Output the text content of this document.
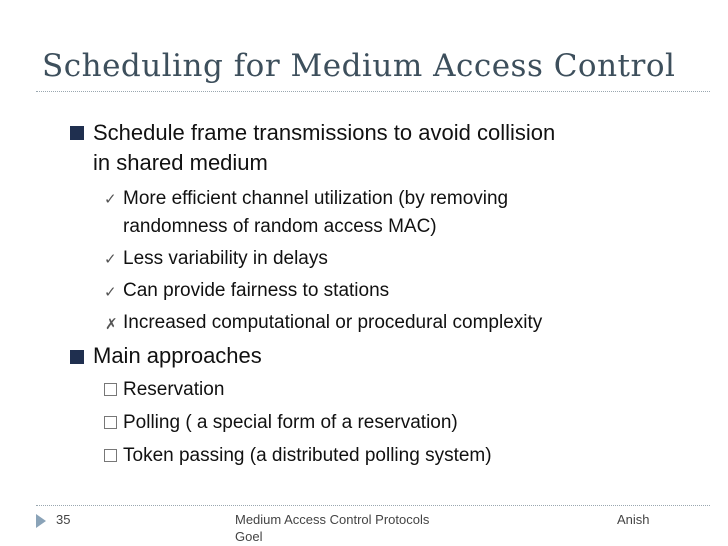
Scheduling for Medium Access Control
Schedule frame transmissions to avoid collision
in shared medium
✓ More efficient channel utilization (by removing
randomness of random access MAC)
✓ Less variability in delays
✓ Can provide fairness to stations
✗ Increased computational or procedural complexity
Main approaches
Reservation
Polling ( a special form of a reservation)
Token passing (a distributed polling system)
35	Medium Access Control Protocols
Goel
Anish
